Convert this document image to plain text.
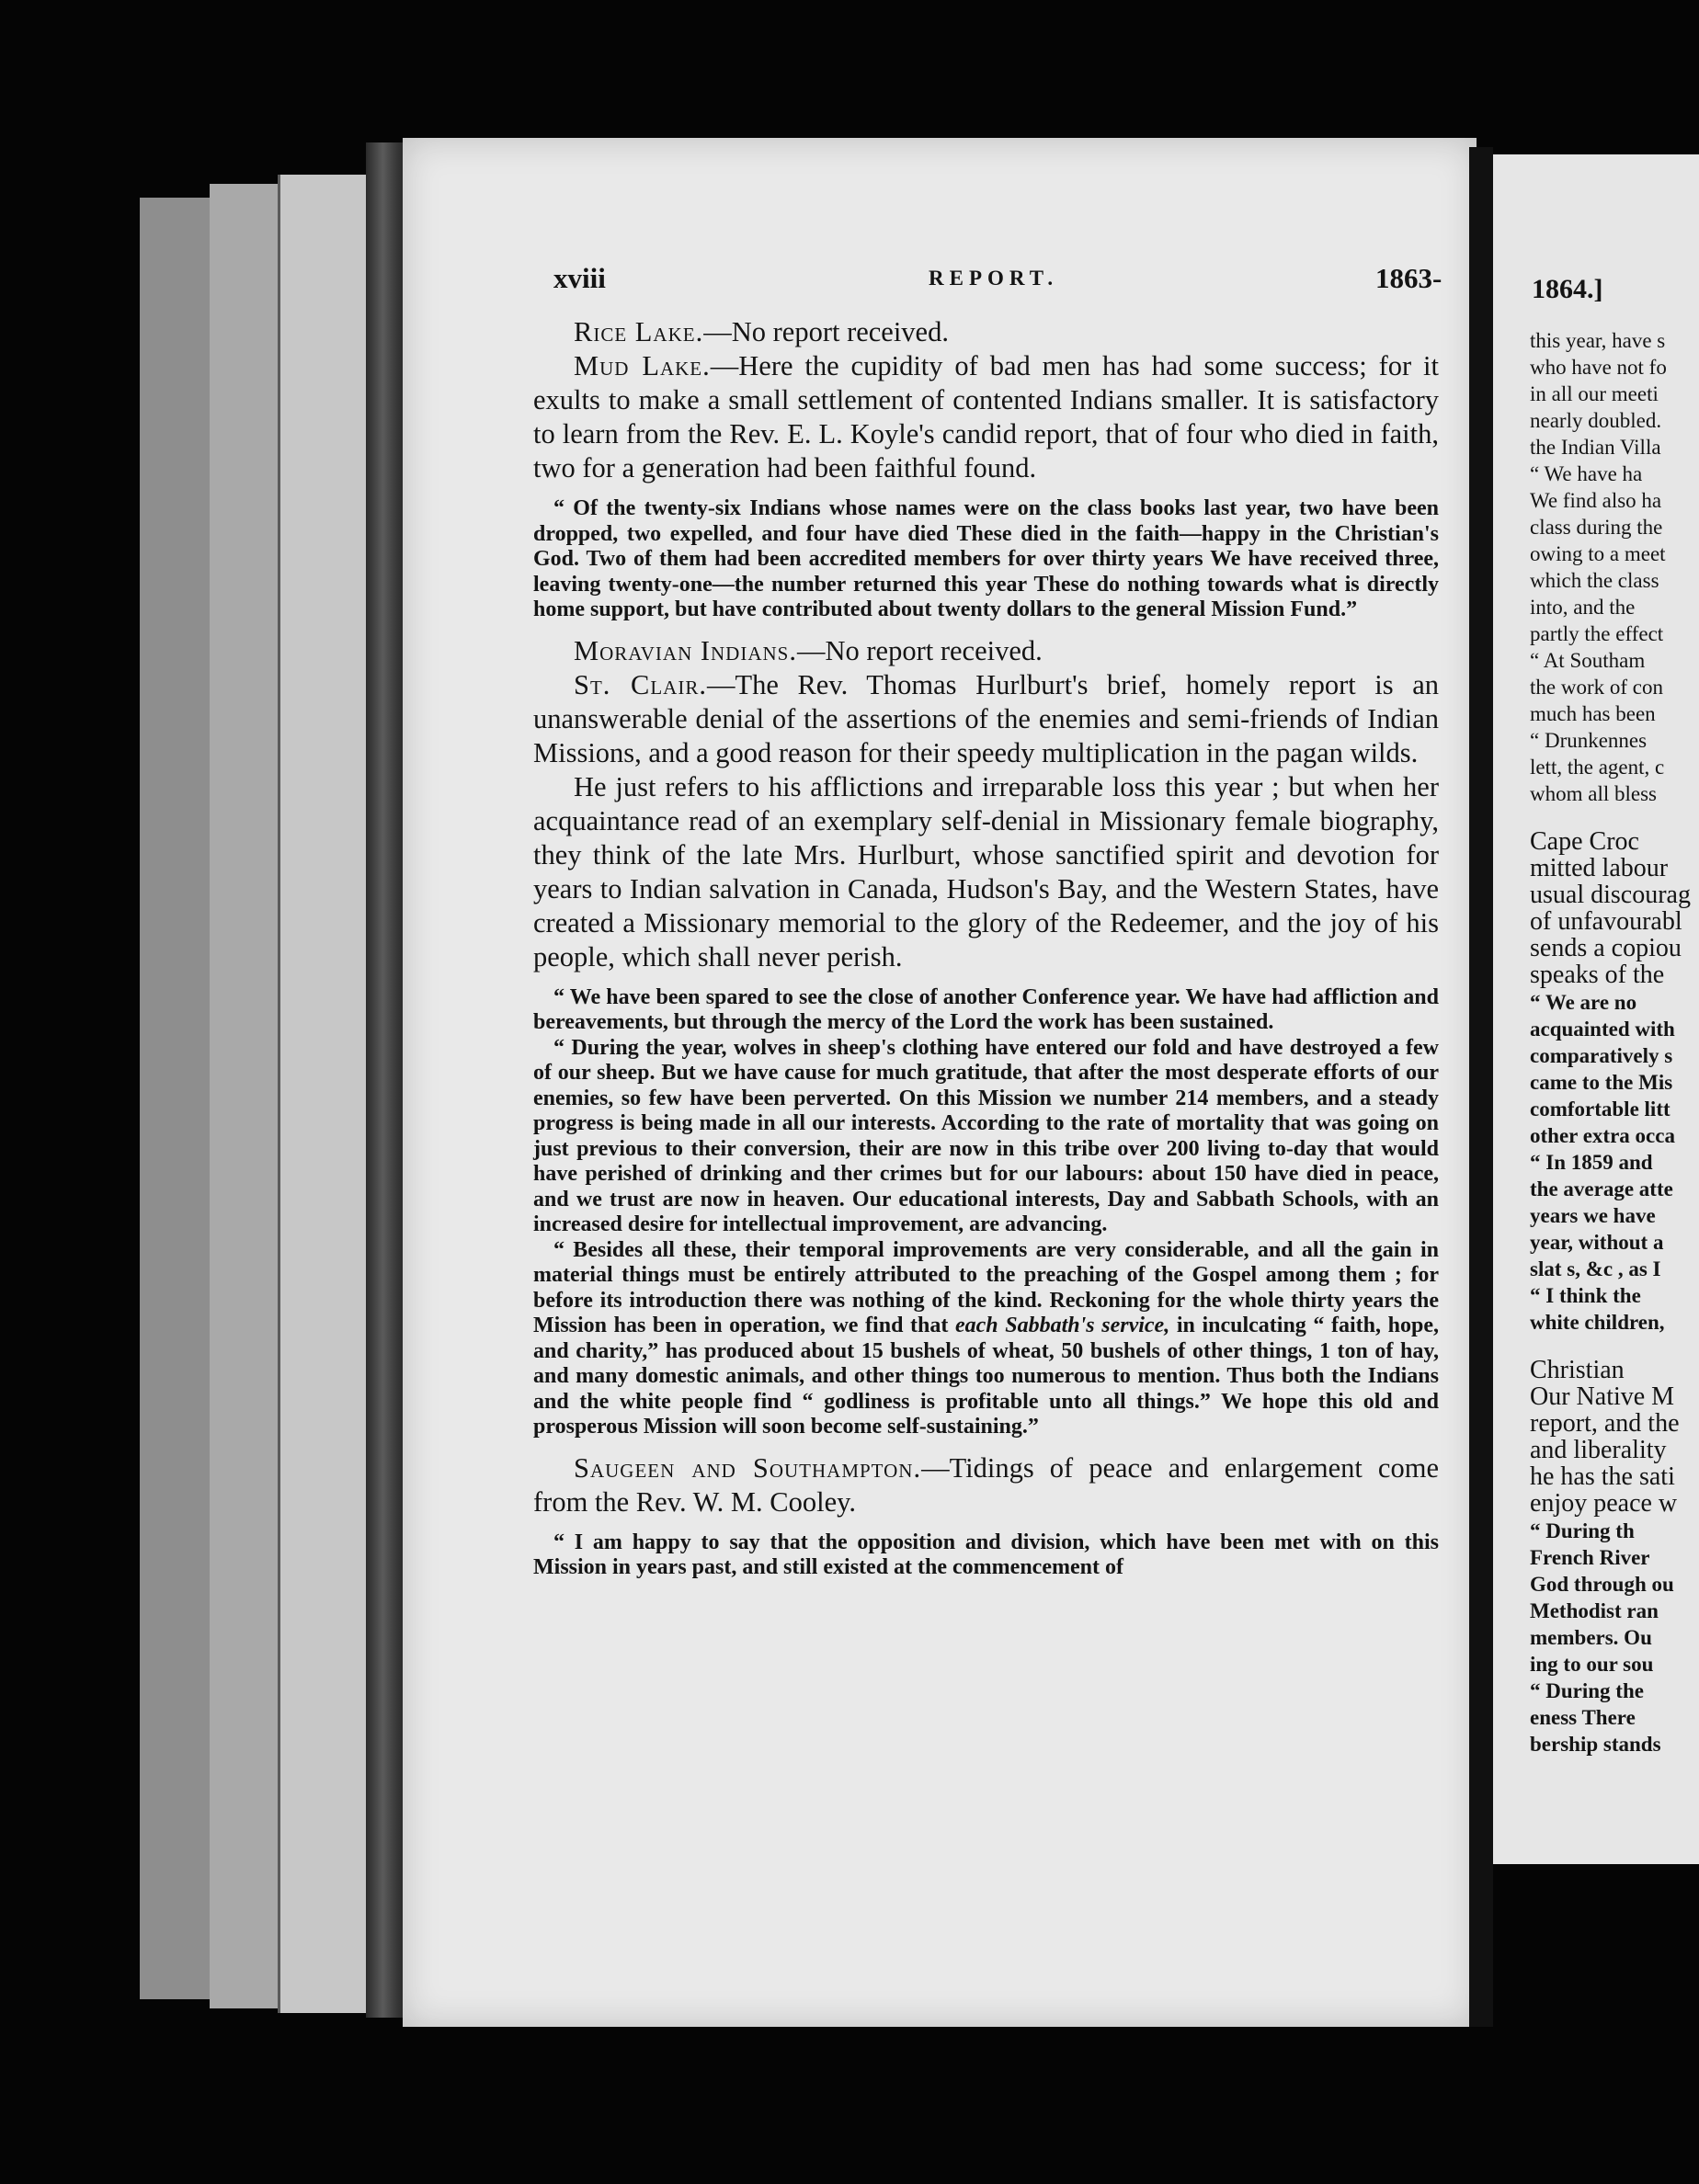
xviii	REPORT.	1863-

Rice Lake.—No report received.

Mud Lake.—Here the cupidity of bad men has had some success; for it exults to make a small settlement of contented Indians smaller. It is satisfactory to learn from the Rev. E. L. Koyle's candid report, that of four who died in faith, two for a generation had been faithful found.

“ Of the twenty-six Indians whose names were on the class books last year, two have been dropped, two expelled, and four have died These died in the faith—happy in the Christian's God. Two of them had been accredited members for over thirty years We have received three, leaving twenty-one—the number returned this year These do nothing towards what is directly home support, but have contributed about twenty dollars to the general Mission Fund.”

Moravian Indians.—No report received.

St. Clair.—The Rev. Thomas Hurlburt's brief, homely report is an unanswerable denial of the assertions of the enemies and semi-friends of Indian Missions, and a good reason for their speedy multiplication in the pagan wilds.

He just refers to his afflictions and irreparable loss this year ; but when her acquaintance read of an exemplary self-denial in Missionary female biography, they think of the late Mrs. Hurlburt, whose sanctified spirit and devotion for years to Indian salvation in Canada, Hudson's Bay, and the Western States, have created a Missionary memorial to the glory of the Redeemer, and the joy of his people, which shall never perish.

“ We have been spared to see the close of another Conference year. We have had affliction and bereavements, but through the mercy of the Lord the work has been sustained.

“ During the year, wolves in sheep's clothing have entered our fold and have destroyed a few of our sheep. But we have cause for much gratitude, that after the most desperate efforts of our enemies, so few have been perverted. On this Mission we number 214 members, and a steady progress is being made in all our interests. According to the rate of mortality that was going on just previous to their conversion, their are now in this tribe over 200 living to-day that would have perished of drinking and ther crimes but for our labours: about 150 have died in peace, and we trust are now in heaven. Our educational interests, Day and Sabbath Schools, with an increased desire for intellectual improvement, are advancing.

“ Besides all these, their temporal improvements are very considerable, and all the gain in material things must be entirely attributed to the preaching of the Gospel among them ; for before its introduction there was nothing of the kind. Reckoning for the whole thirty years the Mission has been in operation, we find that each Sabbath's service, in inculcating “ faith, hope, and charity,” has produced about 15 bushels of wheat, 50 bushels of other things, 1 ton of hay, and many domestic animals, and other things too numerous to mention. Thus both the Indians and the white people find “ godliness is profitable unto all things.” We hope this old and prosperous Mission will soon become self-sustaining.”

Saugeen and Southampton.—Tidings of peace and enlargement come from the Rev. W. M. Cooley.

“ I am happy to say that the opposition and division, which have been met with on this Mission in years past, and still existed at the commencement of

1864.]
this year, have s
who have not fo
in all our meeti
nearly doubled.
the Indian Villa
“ We have ha
We find also ha
class during the
owing to a meet
which the class
into, and the
partly the effect
“ At Southam
the work of con
much has been
“ Drunkennes
lett, the agent, c
whom all bless
Cape Croc
mitted labour
usual discourag
of unfavourabl
sends a copiou
speaks of the
“ We are no
acquainted with
comparatively s
came to the Mis
comfortable litt
other extra occa
“ In 1859 and
the average atte
years we have
year, without a
slat s, &c , as I
“ I think the
white children,
Christian
Our Native M
report, and the
and liberality
he has the sati
enjoy peace w
“ During th
French River
God through ou
Methodist ran
members. Ou
ing to our sou
“ During the
eness There
bership stands
